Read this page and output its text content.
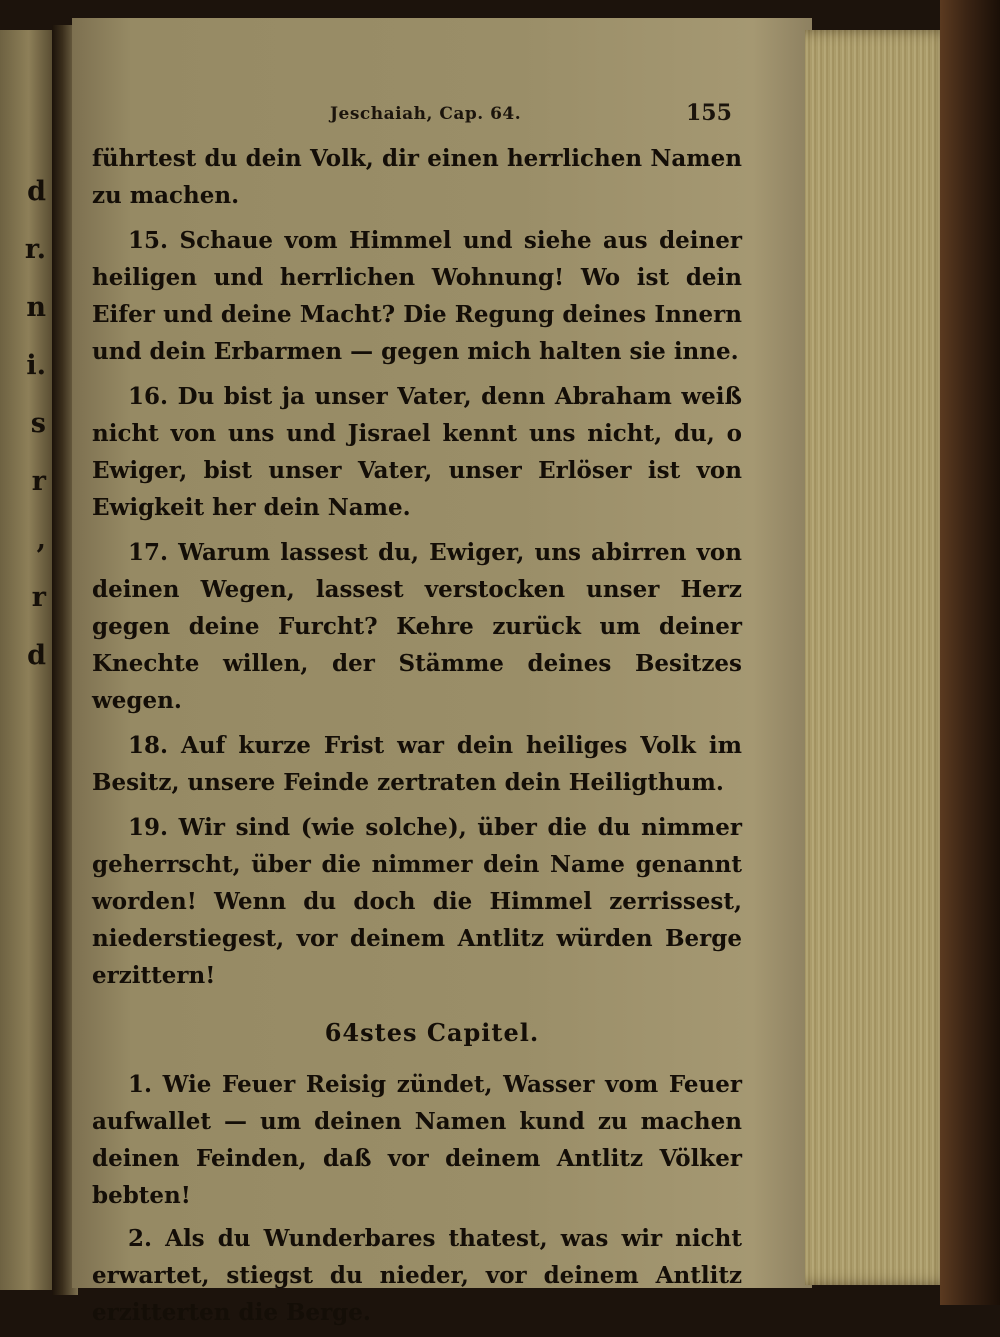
d
r.
n
i.
s
r
,
r
d
Jeschaiah, Cap. 64.	155

führtest du dein Volk, dir einen herrlichen Namen zu machen.

15. Schaue vom Himmel und siehe aus deiner heiligen und herrlichen Wohnung! Wo ist dein Eifer und deine Macht? Die Regung deines Innern und dein Erbarmen — gegen mich halten sie inne.

16. Du bist ja unser Vater, denn Abraham weiß nicht von uns und Jisrael kennt uns nicht, du, o Ewiger, bist unser Vater, unser Erlöser ist von Ewigkeit her dein Name.

17. Warum lassest du, Ewiger, uns abirren von deinen Wegen, lassest verstocken unser Herz gegen deine Furcht? Kehre zurück um deiner Knechte willen, der Stämme deines Besitzes wegen.

18. Auf kurze Frist war dein heiliges Volk im Besitz, unsere Feinde zertraten dein Heiligthum.

19. Wir sind (wie solche), über die du nimmer geherrscht, über die nimmer dein Name genannt worden! Wenn du doch die Himmel zerrissest, niederstiegest, vor deinem Antlitz würden Berge erzittern!

64stes Capitel.

1. Wie Feuer Reisig zündet, Wasser vom Feuer aufwallet — um deinen Namen kund zu machen deinen Feinden, daß vor deinem Antlitz Völker bebten!

2. Als du Wunderbares thatest, was wir nicht erwartet, stiegst du nieder, vor deinem Antlitz erzitterten die Berge.
